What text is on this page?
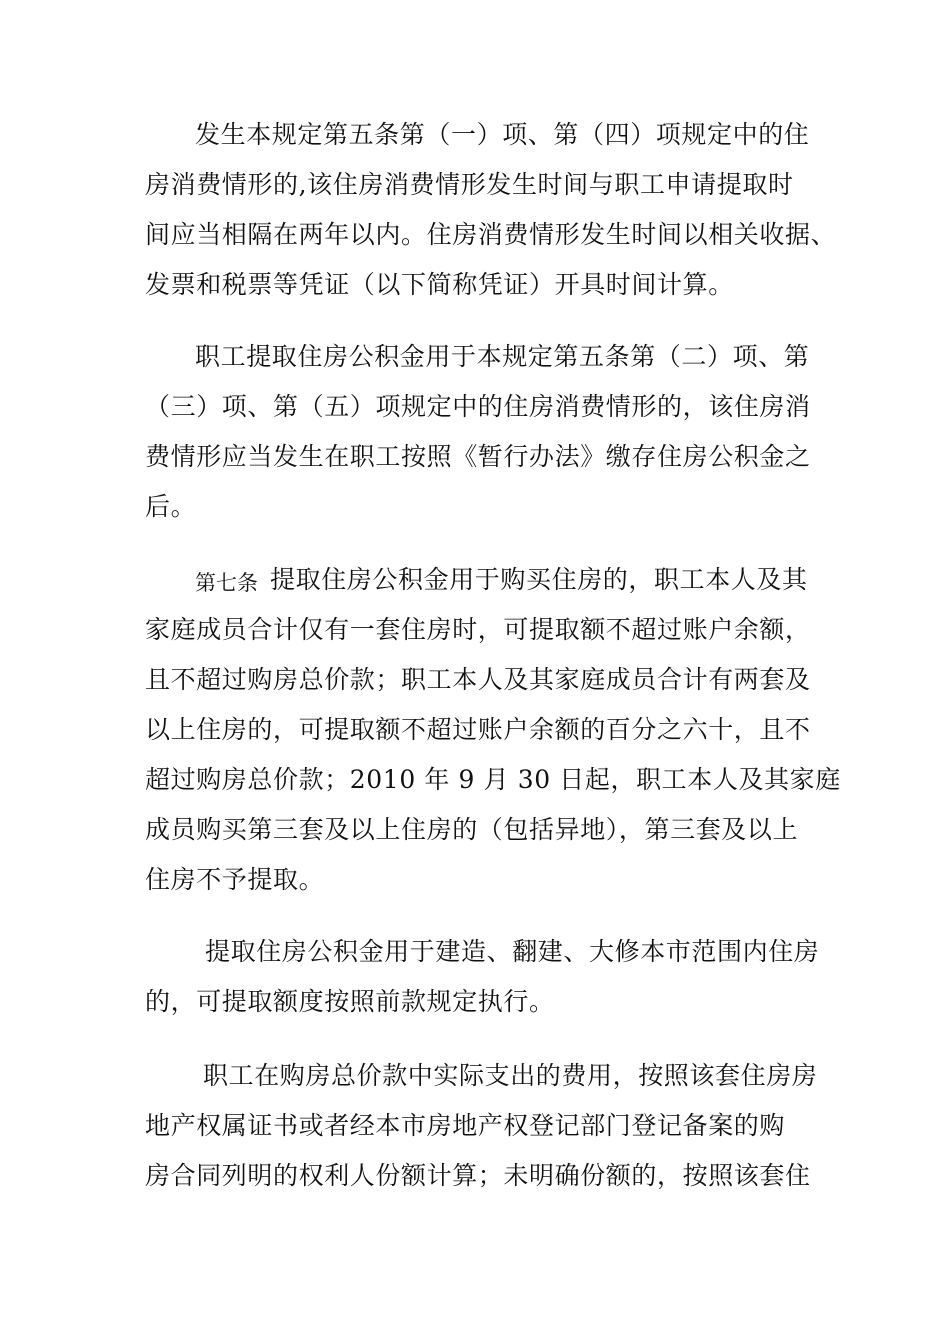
发生本规定第五条第（一）项、第（四）项规定中的住
房消费情形的,该住房消费情形发生时间与职工申请提取时
间应当相隔在两年以内。住房消费情形发生时间以相关收据、
发票和税票等凭证（以下简称凭证）开具时间计算。
职工提取住房公积金用于本规定第五条第（二）项、第
（三）项、第（五）项规定中的住房消费情形的，该住房消
费情形应当发生在职工按照《暂行办法》缴存住房公积金之
后。
第七条 提取住房公积金用于购买住房的，职工本人及其
家庭成员合计仅有一套住房时，可提取额不超过账户余额，
且不超过购房总价款；职工本人及其家庭成员合计有两套及
以上住房的，可提取额不超过账户余额的百分之六十，且不
超过购房总价款；2010 年 9 月 30 日起，职工本人及其家庭
成员购买第三套及以上住房的（包括异地），第三套及以上
住房不予提取。
提取住房公积金用于建造、翻建、大修本市范围内住房
的，可提取额度按照前款规定执行。
职工在购房总价款中实际支出的费用，按照该套住房房
地产权属证书或者经本市房地产权登记部门登记备案的购
房合同列明的权利人份额计算；未明确份额的，按照该套住
